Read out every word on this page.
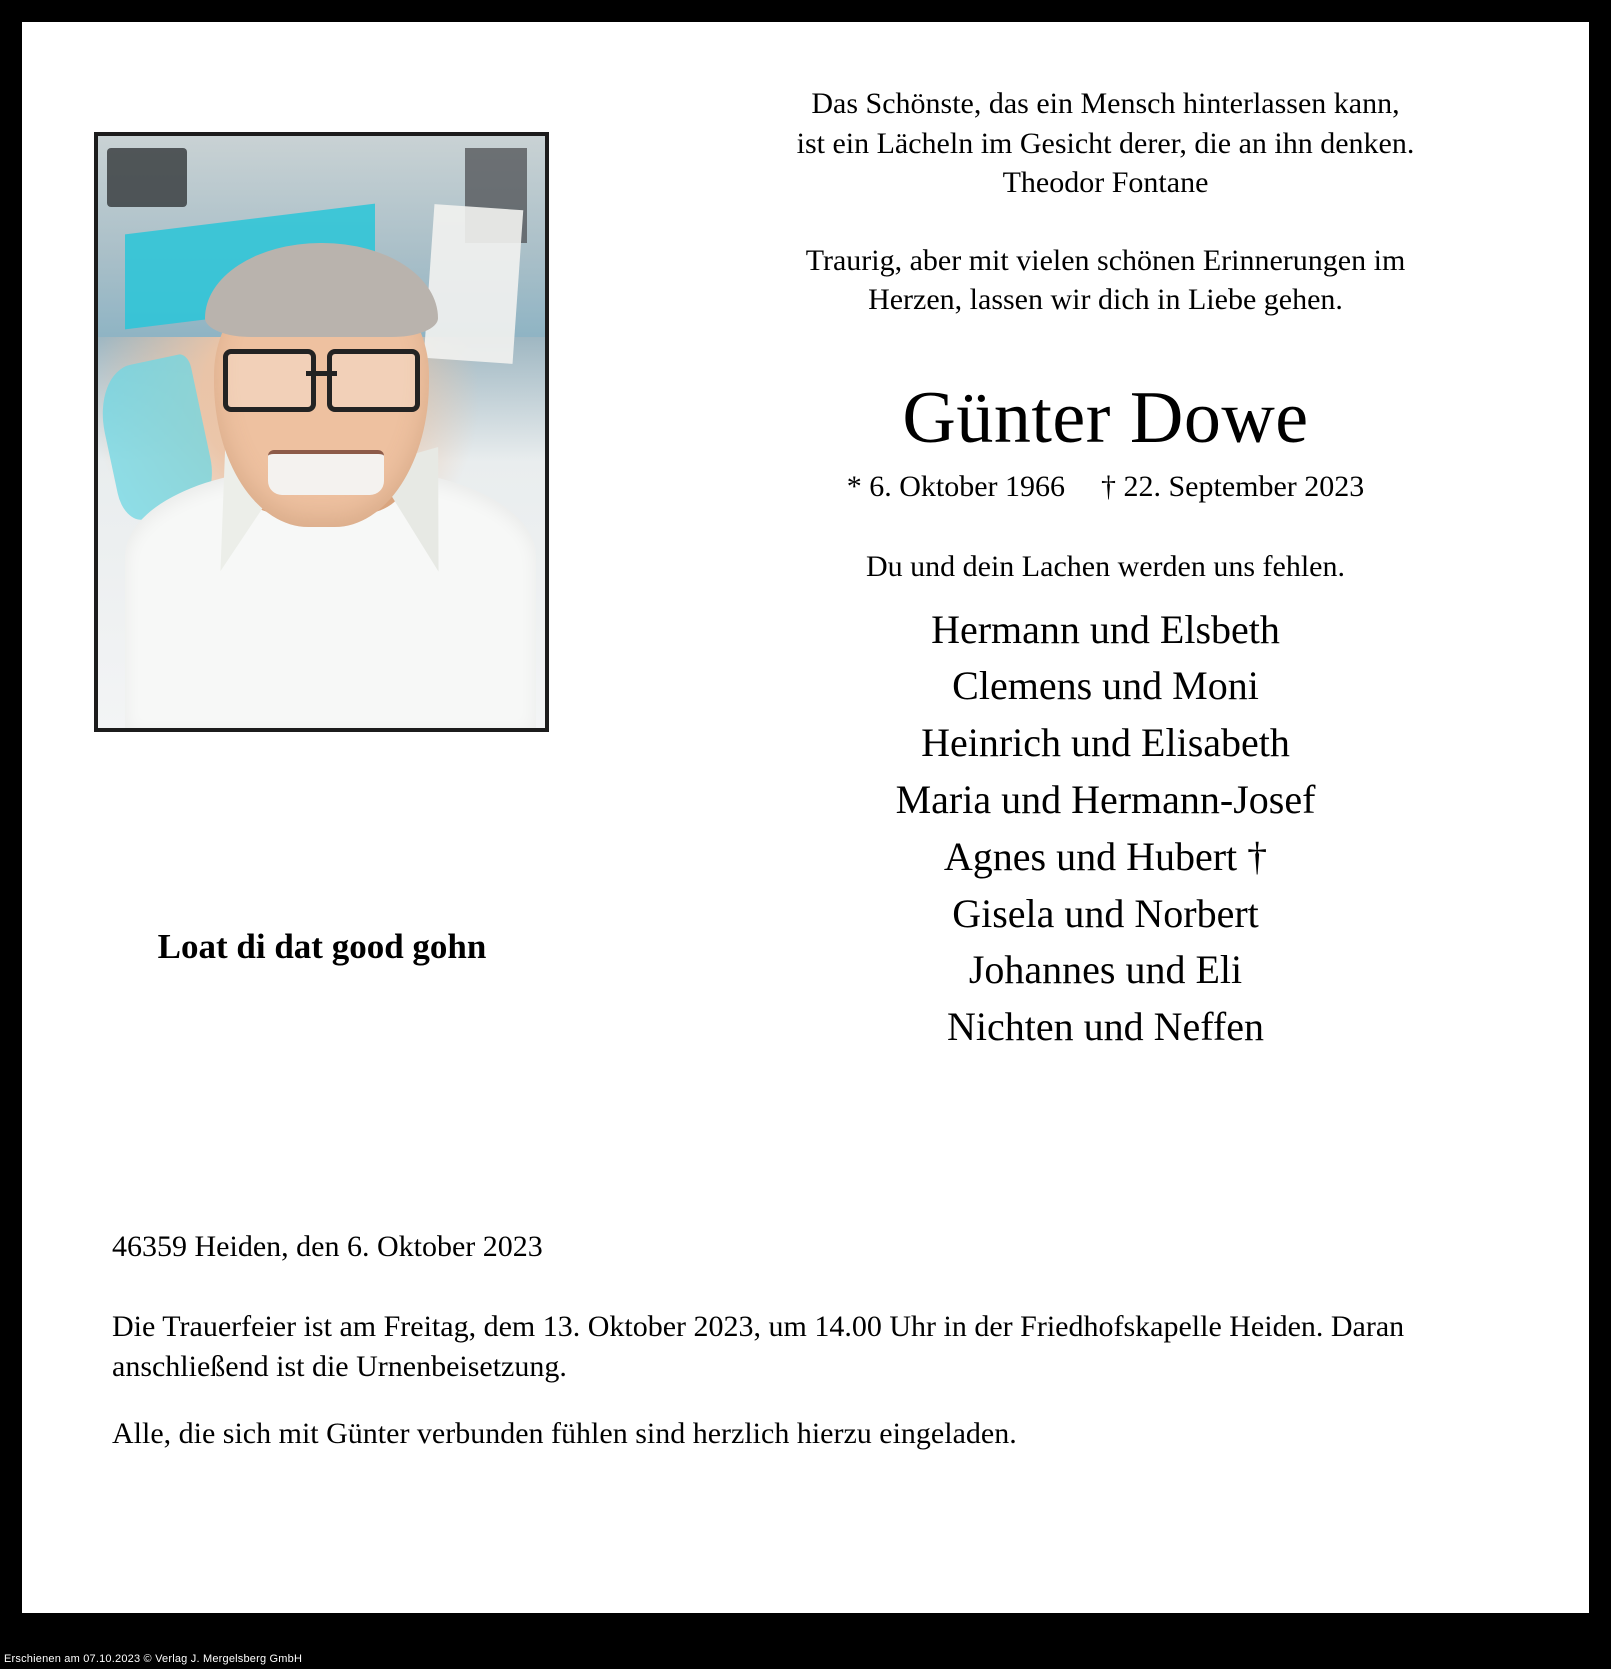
Loat di dat good gohn
Das Schönste, das ein Mensch hinterlassen kann,
ist ein Lächeln im Gesicht derer, die an ihn denken.
Theodor Fontane
Traurig, aber mit vielen schönen Erinnerungen im
Herzen, lassen wir dich in Liebe gehen.
Günter Dowe
* 6. Oktober 1966 † 22. September 2023
Du und dein Lachen werden uns fehlen.
Hermann und Elsbeth
Clemens und Moni
Heinrich und Elisabeth
Maria und Hermann-Josef
Agnes und Hubert †
Gisela und Norbert
Johannes und Eli
Nichten und Neffen

46359 Heiden, den 6. Oktober 2023

Die Trauerfeier ist am Freitag, dem 13. Oktober 2023, um 14.00 Uhr in der Friedhofskapelle Heiden. Daran anschließend ist die Urnenbeisetzung.

Alle, die sich mit Günter verbunden fühlen sind herzlich hierzu eingeladen.

Erschienen am 07.10.2023 © Verlag J. Mergelsberg GmbH
